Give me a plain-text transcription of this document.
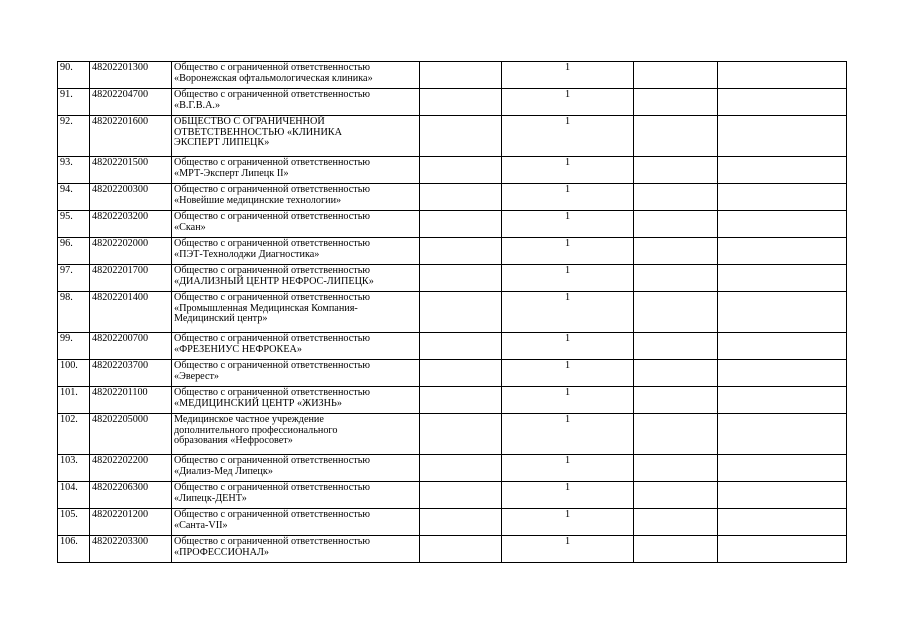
90.	48202201300	Общество с ограниченной ответственностью
«Воронежская офтальмологическая клиника»		1		
91.	48202204700	Общество с ограниченной ответственностью
«В.Г.В.А.»		1		
92.	48202201600	ОБЩЕСТВО С ОГРАНИЧЕННОЙ
ОТВЕТСТВЕННОСТЬЮ «КЛИНИКА
ЭКСПЕРТ ЛИПЕЦК»		1		
93.	48202201500	Общество с ограниченной ответственностью
«МРТ-Эксперт Липецк II»		1		
94.	48202200300	Общество с ограниченной ответственностью
«Новейшие медицинские технологии»		1		
95.	48202203200	Общество с ограниченной ответственностью
«Скан»		1		
96.	48202202000	Общество с ограниченной ответственностью
«ПЭТ-Технолоджи Диагностика»		1		
97.	48202201700	Общество с ограниченной ответственностью
«ДИАЛИЗНЫЙ ЦЕНТР НЕФРОС-ЛИПЕЦК»		1		
98.	48202201400	Общество с ограниченной ответственностью
«Промышленная Медицинская Компания-
Медицинский центр»		1		
99.	48202200700	Общество с ограниченной ответственностью
«ФРЕЗЕНИУС НЕФРОКЕА»		1		
100.	48202203700	Общество с ограниченной ответственностью
«Эверест»		1		
101.	48202201100	Общество с ограниченной ответственностью
«МЕДИЦИНСКИЙ ЦЕНТР «ЖИЗНЬ»		1		
102.	48202205000	Медицинское частное учреждение
дополнительного профессионального
образования «Нефросовет»		1		
103.	48202202200	Общество с ограниченной ответственностью
«Диализ-Мед Липецк»		1		
104.	48202206300	Общество с ограниченной ответственностью
«Липецк-ДЕНТ»		1		
105.	48202201200	Общество с ограниченной ответственностью
«Санта-VII»		1		
106.	48202203300	Общество с ограниченной ответственностью
«ПРОФЕССИОНАЛ»		1		
